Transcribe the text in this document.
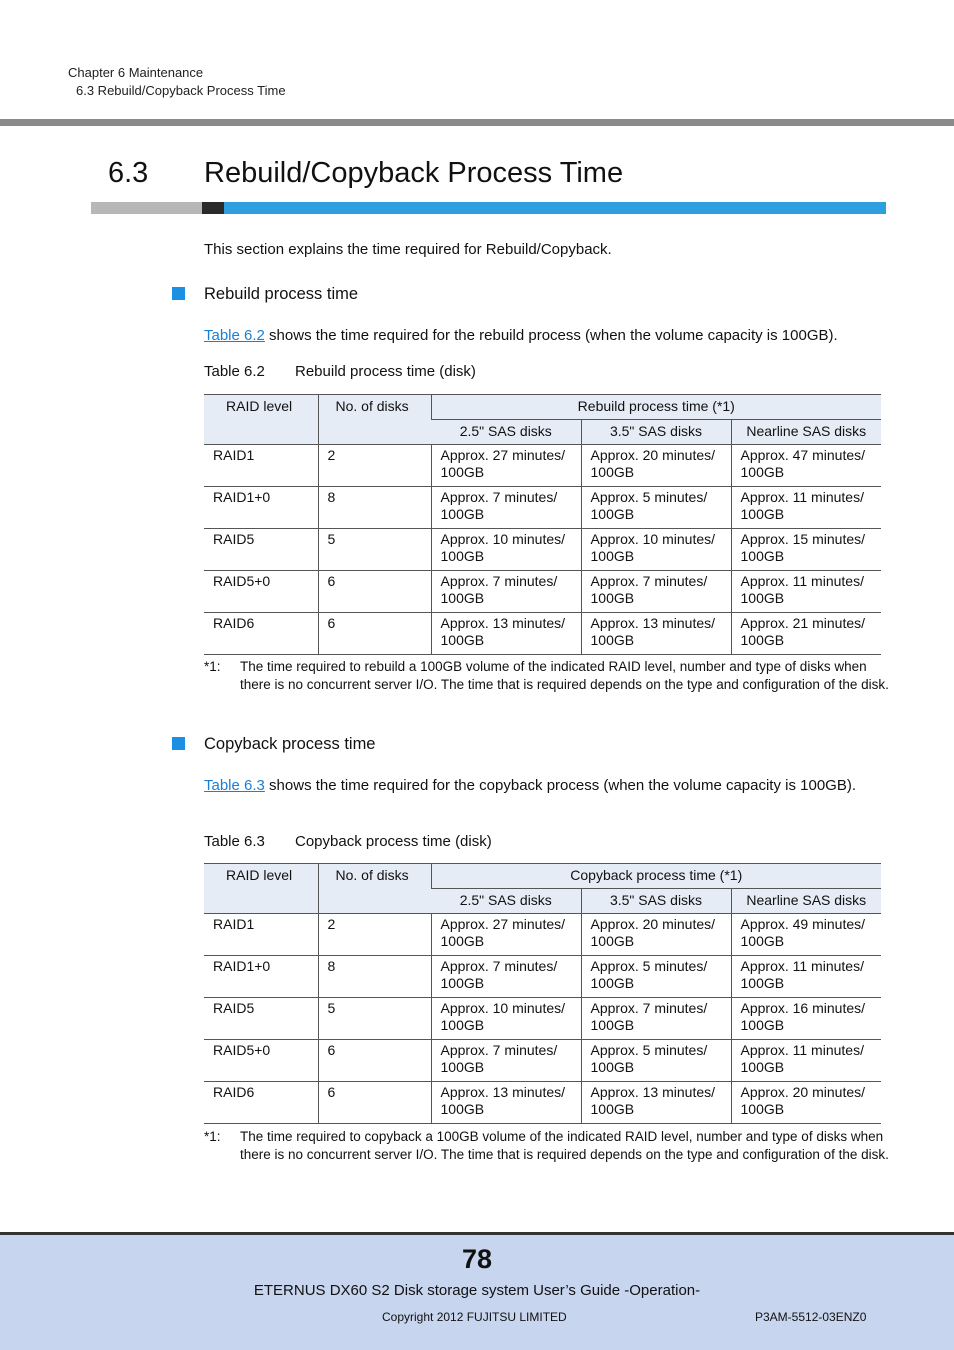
Chapter 6 Maintenance
6.3 Rebuild/Copyback Process Time
6.3 Rebuild/Copyback Process Time
This section explains the time required for Rebuild/Copyback.
Rebuild process time
Table 6.2 shows the time required for the rebuild process (when the volume capacity is 100GB).
Table 6.2 Rebuild process time (disk)
RAID level	No. of disks	Rebuild process time (*1)		
		2.5" SAS disks	3.5" SAS disks	Nearline SAS disks
RAID1	2	Approx. 27 minutes/ 100GB	Approx. 20 minutes/ 100GB	Approx. 47 minutes/ 100GB
RAID1+0	8	Approx. 7 minutes/ 100GB	Approx. 5 minutes/ 100GB	Approx. 11 minutes/ 100GB
RAID5	5	Approx. 10 minutes/ 100GB	Approx. 10 minutes/ 100GB	Approx. 15 minutes/ 100GB
RAID5+0	6	Approx. 7 minutes/ 100GB	Approx. 7 minutes/ 100GB	Approx. 11 minutes/ 100GB
RAID6	6	Approx. 13 minutes/ 100GB	Approx. 13 minutes/ 100GB	Approx. 21 minutes/ 100GB
*1: The time required to rebuild a 100GB volume of the indicated RAID level, number and type of disks when there is no concurrent server I/O. The time that is required depends on the type and configuration of the disk.
Copyback process time
Table 6.3 shows the time required for the copyback process (when the volume capacity is 100GB).
Table 6.3 Copyback process time (disk)
RAID level	No. of disks	Copyback process time (*1)		
		2.5" SAS disks	3.5" SAS disks	Nearline SAS disks
RAID1	2	Approx. 27 minutes/ 100GB	Approx. 20 minutes/ 100GB	Approx. 49 minutes/ 100GB
RAID1+0	8	Approx. 7 minutes/ 100GB	Approx. 5 minutes/ 100GB	Approx. 11 minutes/ 100GB
RAID5	5	Approx. 10 minutes/ 100GB	Approx. 7 minutes/ 100GB	Approx. 16 minutes/ 100GB
RAID5+0	6	Approx. 7 minutes/ 100GB	Approx. 5 minutes/ 100GB	Approx. 11 minutes/ 100GB
RAID6	6	Approx. 13 minutes/ 100GB	Approx. 13 minutes/ 100GB	Approx. 20 minutes/ 100GB
*1: The time required to copyback a 100GB volume of the indicated RAID level, number and type of disks when there is no concurrent server I/O. The time that is required depends on the type and configuration of the disk.
78
ETERNUS DX60 S2 Disk storage system User’s Guide -Operation-
Copyright 2012 FUJITSU LIMITED	P3AM-5512-03ENZ0
